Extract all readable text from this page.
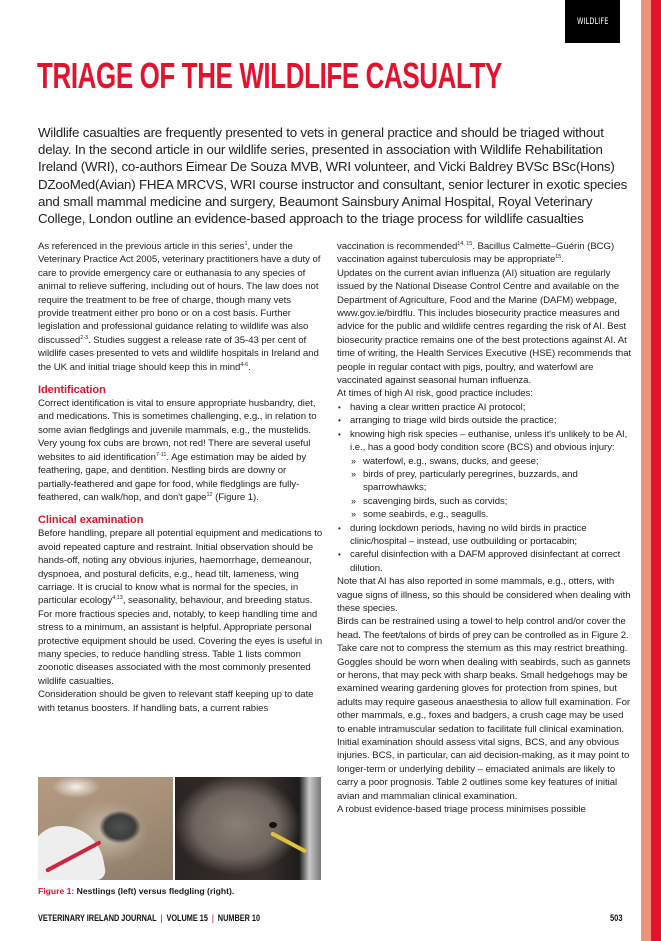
WILDLIFE
TRIAGE OF THE WILDLIFE CASUALTY

Wildlife casualties are frequently presented to vets in general practice and should be triaged without delay. In the second article in our wildlife series, presented in association with Wildlife Rehabilitation Ireland (WRI), co-authors Eimear De Souza MVB, WRI volunteer, and Vicki Baldrey BVSc BSc(Hons) DZooMed(Avian) FHEA MRCVS, WRI course instructor and consultant, senior lecturer in exotic species and small mammal medicine and surgery, Beaumont Sainsbury Animal Hospital, Royal Veterinary College, London outline an evidence-based approach to the triage process for wildlife casualties

As referenced in the previous article in this series$^1$, under the Veterinary Practice Act 2005, veterinary practitioners have a duty of care to provide emergency care or euthanasia to any species of animal to relieve suffering, including out of hours. The law does not require the treatment to be free of charge, though many vets provide treatment either pro bono or on a cost basis. Further legislation and professional guidance relating to wildlife was also discussed$^{2-3}$. Studies suggest a release rate of 35-43 per cent of wildlife cases presented to vets and wildlife hospitals in Ireland and the UK and initial triage should keep this in mind$^{4-6}$.

Identification

Correct identification is vital to ensure appropriate husbandry, diet, and medications. This is sometimes challenging, e.g., in relation to some avian fledglings and juvenile mammals, e.g., the mustelids. Very young fox cubs are brown, not red! There are several useful websites to aid identification$^{7-11}$. Age estimation may be aided by feathering, gape, and dentition. Nestling birds are downy or partially-feathered and gape for food, while fledglings are fully-feathered, can walk/hop, and don't gape$^{12}$ (Figure 1).

Clinical examination

Before handling, prepare all potential equipment and medications to avoid repeated capture and restraint. Initial observation should be hands-off, noting any obvious injuries, haemorrhage, demeanour, dyspnoea, and postural deficits, e.g., head tilt, lameness, wing carriage. It is crucial to know what is normal for the species, in particular ecology$^{4,13}$, seasonality, behaviour, and breeding status. For more fractious species and, notably, to keep handling time and stress to a minimum, an assistant is helpful. Appropriate personal protective equipment should be used. Covering the eyes is useful in many species, to reduce handling stress. Table 1 lists common zoonotic diseases associated with the most commonly presented wildlife casualties.

Consideration should be given to relevant staff keeping up to date with tetanus boosters. If handling bats, a current rabies

Figure 1: Nestlings (left) versus fledgling (right).

vaccination is recommended$^{14, 15}$. Bacillus Calmette–Guérin (BCG) vaccination against tuberculosis may be appropriate$^{15}$.

Updates on the current avian influenza (AI) situation are regularly issued by the National Disease Control Centre and available on the Department of Agriculture, Food and the Marine (DAFM) webpage, www.gov.ie/birdflu. This includes biosecurity practice measures and advice for the public and wildlife centres regarding the risk of AI. Best biosecurity practice remains one of the best protections against AI. At time of writing, the Health Services Executive (HSE) recommends that people in regular contact with pigs, poultry, and waterfowl are vaccinated against seasonal human influenza.

At times of high AI risk, good practice includes:

• having a clear written practice AI protocol;
• arranging to triage wild birds outside the practice;
• knowing high risk species – euthanise, unless it's unlikely to be AI, i.e., has a good body condition score (BCS) and obvious injury:
» waterfowl, e.g., swans, ducks, and geese;
» birds of prey, particularly peregrines, buzzards, and sparrowhawks;
» scavenging birds, such as corvids;
» some seabirds, e.g., seagulls.
• during lockdown periods, having no wild birds in practice clinic/hospital – instead, use outbuilding or portacabin;
• careful disinfection with a DAFM approved disinfectant at correct dilution.

Note that AI has also reported in some mammals, e.g., otters, with vague signs of illness, so this should be considered when dealing with these species.

Birds can be restrained using a towel to help control and/or cover the head. The feet/talons of birds of prey can be controlled as in Figure 2. Take care not to compress the sternum as this may restrict breathing. Goggles should be worn when dealing with seabirds, such as gannets or herons, that may peck with sharp beaks. Small hedgehogs may be examined wearing gardening gloves for protection from spines, but adults may require gaseous anaesthesia to allow full examination. For other mammals, e.g., foxes and badgers, a crush cage may be used to enable intramuscular sedation to facilitate full clinical examination.

Initial examination should assess vital signs, BCS, and any obvious injuries. BCS, in particular, can aid decision-making, as it may point to longer-term or underlying debility – emaciated animals are likely to carry a poor prognosis. Table 2 outlines some key features of initial avian and mammalian clinical examination.

A robust evidence-based triage process minimises possible

VETERINARY IRELAND JOURNAL | VOLUME 15 | NUMBER 10	503
